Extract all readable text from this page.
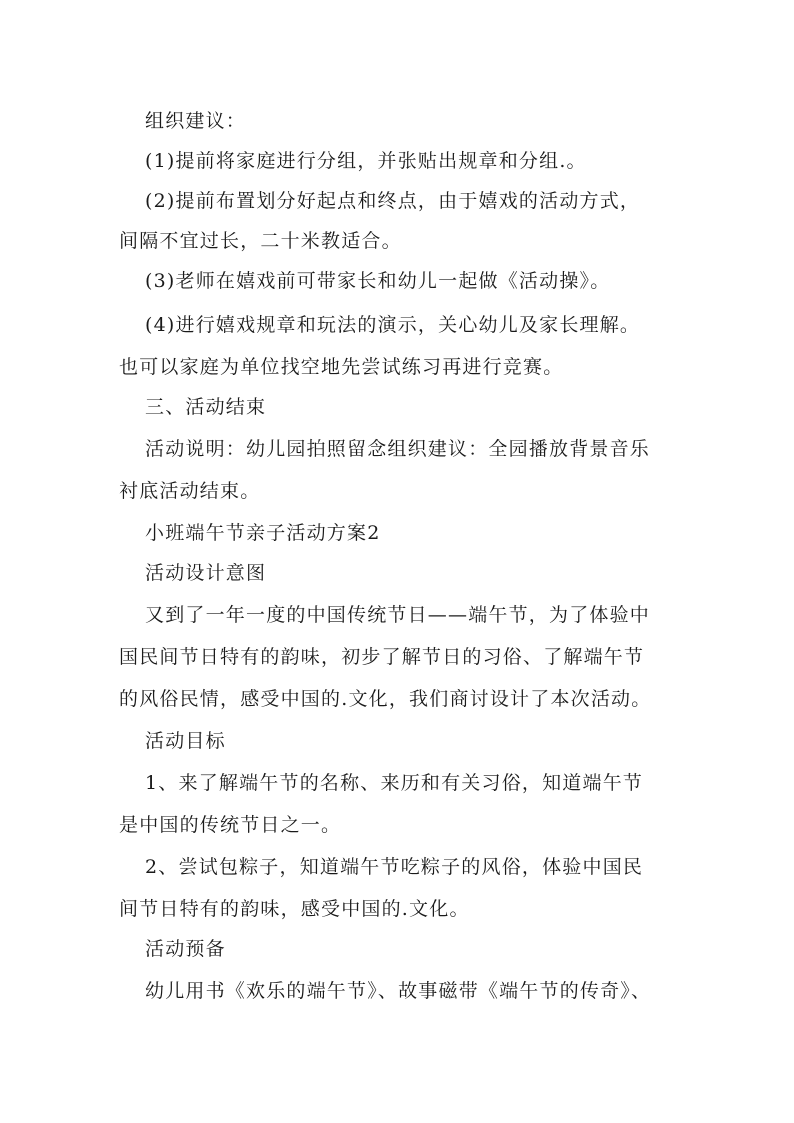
组织建议：
(1)提前将家庭进行分组，并张贴出规章和分组.。
(2)提前布置划分好起点和终点，由于嬉戏的活动方式，
间隔不宜过长，二十米教适合。
(3)老师在嬉戏前可带家长和幼儿一起做《活动操》。
(4)进行嬉戏规章和玩法的演示，关心幼儿及家长理解。
也可以家庭为单位找空地先尝试练习再进行竞赛。
三、活动结束
活动说明：幼儿园拍照留念组织建议：全园播放背景音乐
衬底活动结束。
小班端午节亲子活动方案2
活动设计意图
又到了一年一度的中国传统节日——端午节，为了体验中
国民间节日特有的韵味，初步了解节日的习俗、了解端午节
的风俗民情，感受中国的.文化，我们商讨设计了本次活动。
活动目标
1、来了解端午节的名称、来历和有关习俗，知道端午节
是中国的传统节日之一。
2、尝试包粽子，知道端午节吃粽子的风俗，体验中国民
间节日特有的韵味，感受中国的.文化。
活动预备
幼儿用书《欢乐的端午节》、故事磁带《端午节的传奇》、
